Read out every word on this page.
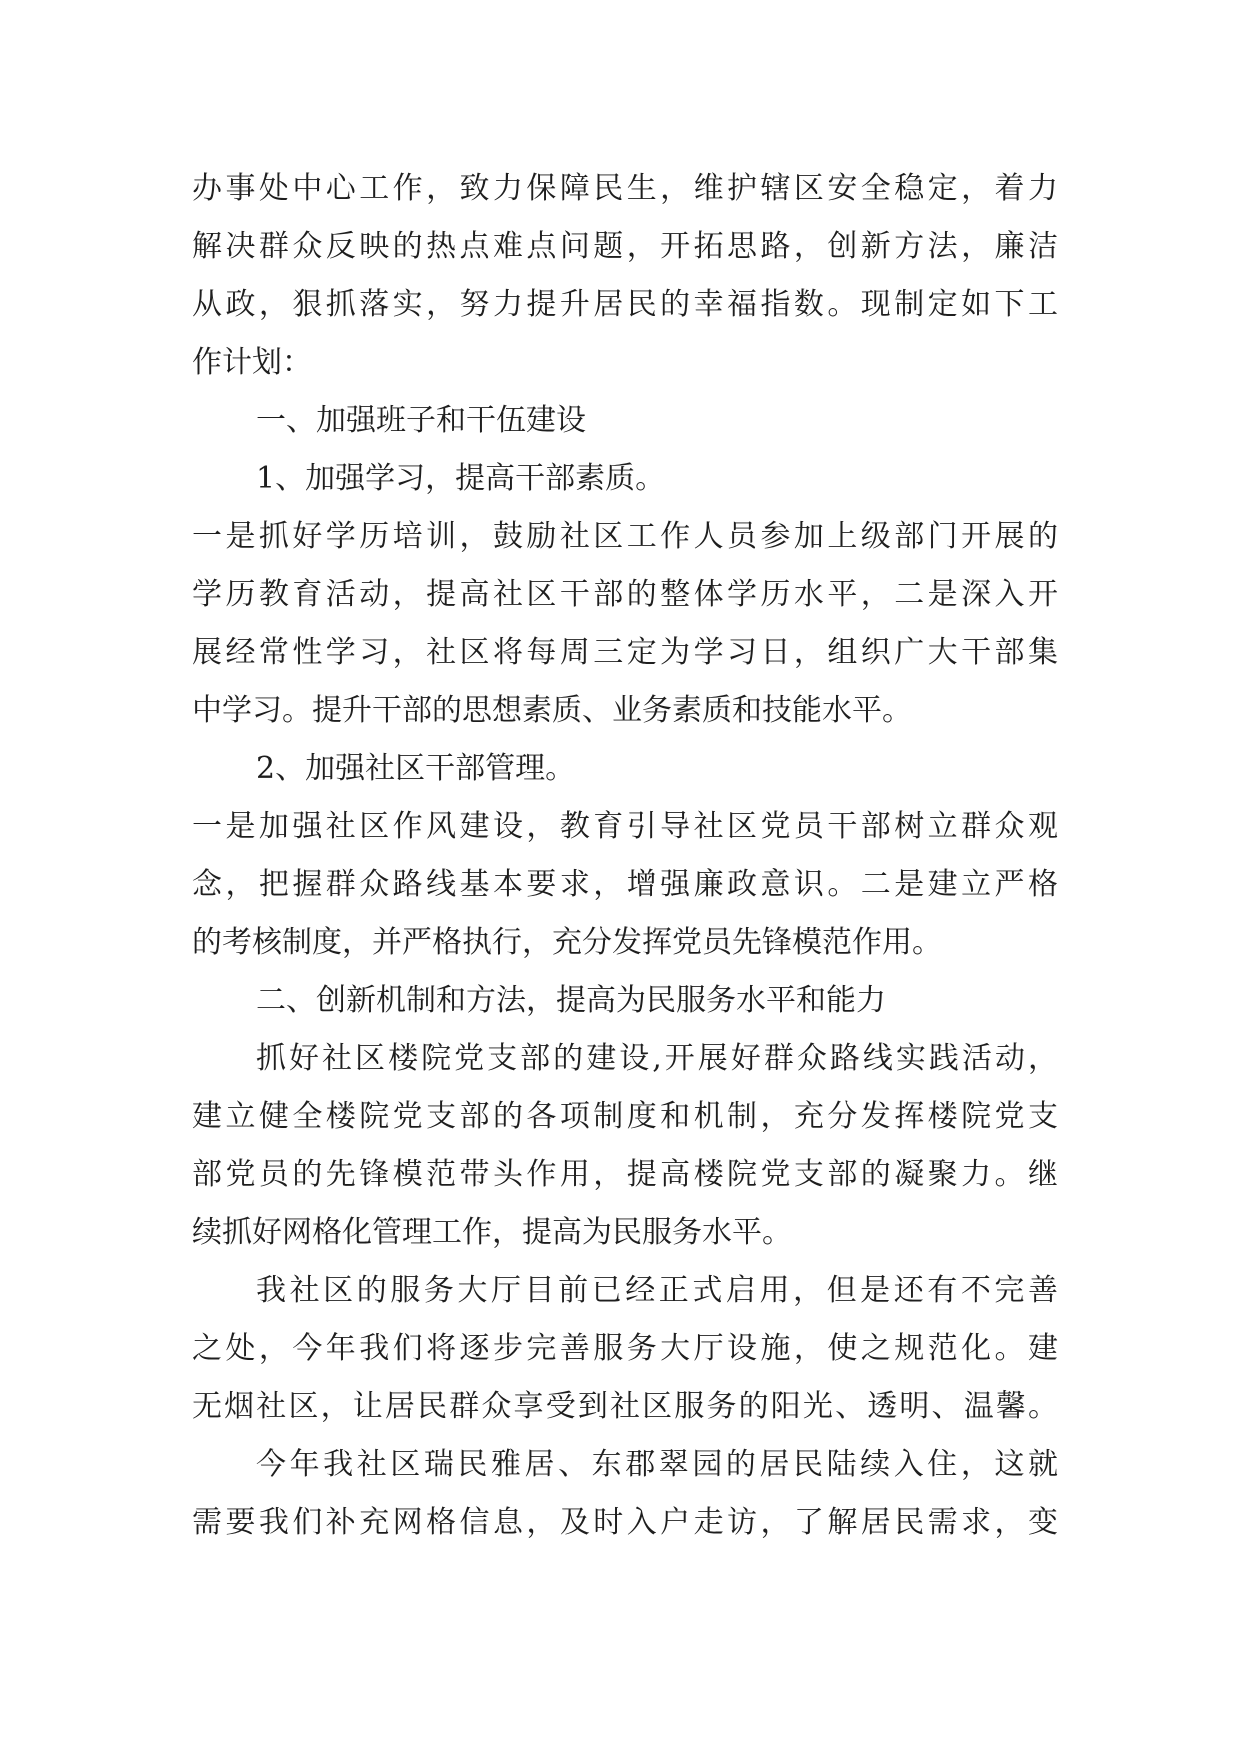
办事处中心工作，致力保障民生，维护辖区安全稳定，着力
解决群众反映的热点难点问题，开拓思路，创新方法，廉洁
从政，狠抓落实，努力提升居民的幸福指数。现制定如下工
作计划：
一、加强班子和干伍建设
1、加强学习，提高干部素质。
一是抓好学历培训，鼓励社区工作人员参加上级部门开展的
学历教育活动，提高社区干部的整体学历水平，二是深入开
展经常性学习，社区将每周三定为学习日，组织广大干部集
中学习。提升干部的思想素质、业务素质和技能水平。
2、加强社区干部管理。
一是加强社区作风建设，教育引导社区党员干部树立群众观
念，把握群众路线基本要求，增强廉政意识。二是建立严格
的考核制度，并严格执行，充分发挥党员先锋模范作用。
二、创新机制和方法，提高为民服务水平和能力
抓好社区楼院党支部的建设,开展好群众路线实践活动，
建立健全楼院党支部的各项制度和机制，充分发挥楼院党支
部党员的先锋模范带头作用，提高楼院党支部的凝聚力。继
续抓好网格化管理工作，提高为民服务水平。
我社区的服务大厅目前已经正式启用，但是还有不完善
之处，今年我们将逐步完善服务大厅设施，使之规范化。建
无烟社区，让居民群众享受到社区服务的阳光、透明、温馨。
今年我社区瑞民雅居、东郡翠园的居民陆续入住，这就
需要我们补充网格信息，及时入户走访，了解居民需求，变
